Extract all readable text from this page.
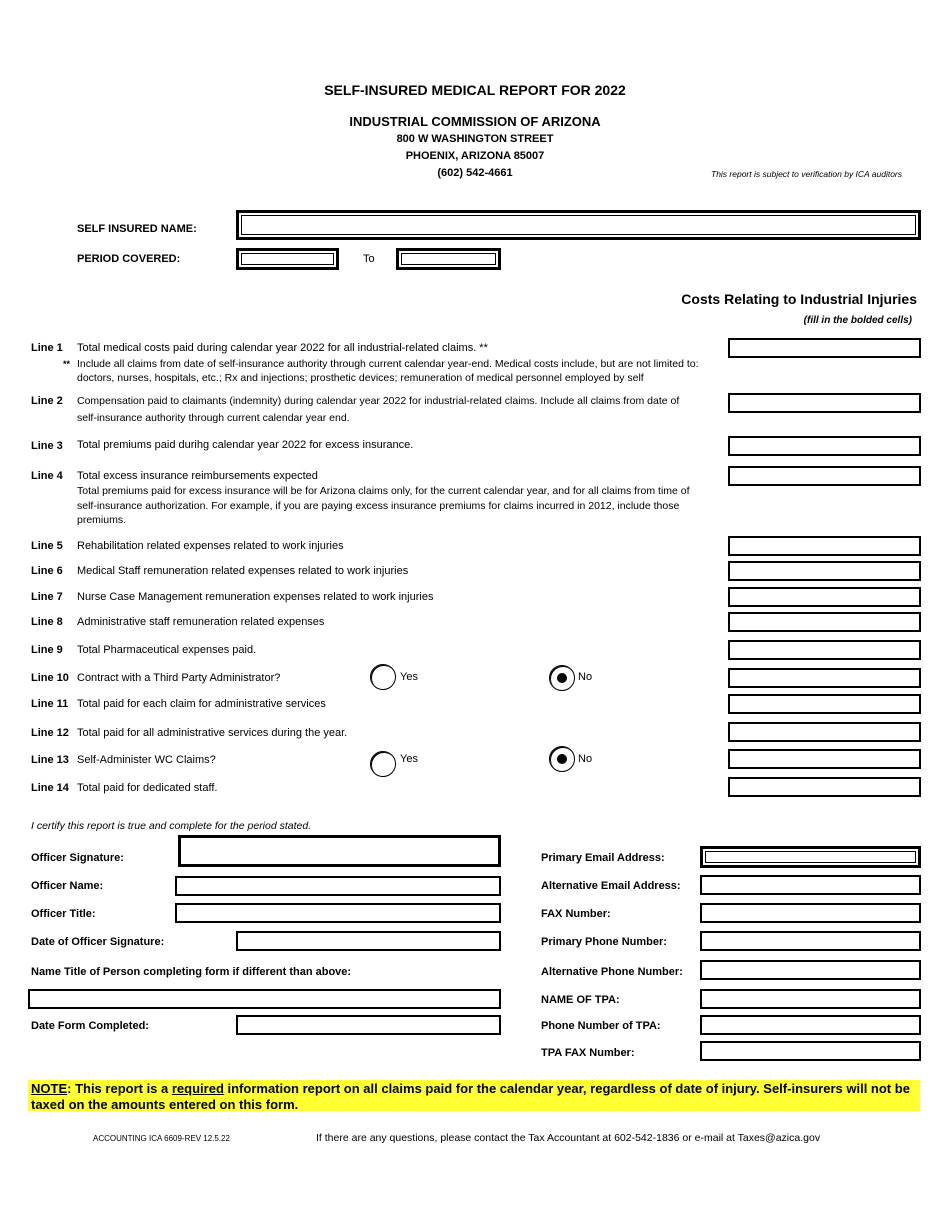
SELF-INSURED MEDICAL REPORT FOR 2022
INDUSTRIAL COMMISSION OF ARIZONA
800 W WASHINGTON STREET
PHOENIX, ARIZONA 85007
(602) 542-4661	This report is subject to verification by ICA auditors
SELF INSURED NAME:
PERIOD COVERED:	To
Costs Relating to Industrial Injuries
(fill in the bolded cells)
Line 1 Total medical costs paid during calendar year 2022 for all industrial-related claims. **
** Include all claims from date of self-insurance authority through current calendar year-end. Medical costs include, but are not limited to: doctors, nurses, hospitals, etc.; Rx and injections; prosthetic devices; remuneration of medical personnel employed by self
Line 2 Compensation paid to claimants (indemnity) during calendar year 2022 for industrial-related claims. Include all claims from date of self-insurance authority through current calendar year end.
Line 3 Total premiums paid durihg calendar year 2022 for excess insurance.
Line 4 Total excess insurance reimbursements expected
Total premiums paid for excess insurance will be for Arizona claims only, for the current calendar year, and for all claims from time of self-insurance authorization. For example, if you are paying excess insurance premiums for claims incurred in 2012, include those premiums.
Line 5 Rehabilitation related expenses related to work injuries
Line 6 Medical Staff remuneration related expenses related to work injuries
Line 7 Nurse Case Management remuneration expenses related to work injuries
Line 8 Administrative staff remuneration related expenses
Line 9 Total Pharmaceutical expenses paid.
Line 10 Contract with a Third Party Administrator?	Yes	No
Line 11 Total paid for each claim for administrative services
Line 12 Total paid for all administrative services during the year.
Line 13 Self-Administer WC Claims?	Yes	No
Line 14 Total paid for dedicated staff.
I certify this report is true and complete for the period stated.
Officer Signature:
Officer Name:
Officer Title:
Date of Officer Signature:
Name Title of Person completing form if different than above:
Date Form Completed:
Primary Email Address:
Alternative Email Address:
FAX Number:
Primary Phone Number:
Alternative Phone Number:
NAME OF TPA:
Phone Number of TPA:
TPA FAX Number:
NOTE: This report is a required information report on all claims paid for the calendar year, regardless of date of injury. Self-insurers will not be taxed on the amounts entered on this form.
ACCOUNTING ICA 6609-REV 12.5.22	If there are any questions, please contact the Tax Accountant at 602-542-1836 or e-mail at Taxes@azica.gov
